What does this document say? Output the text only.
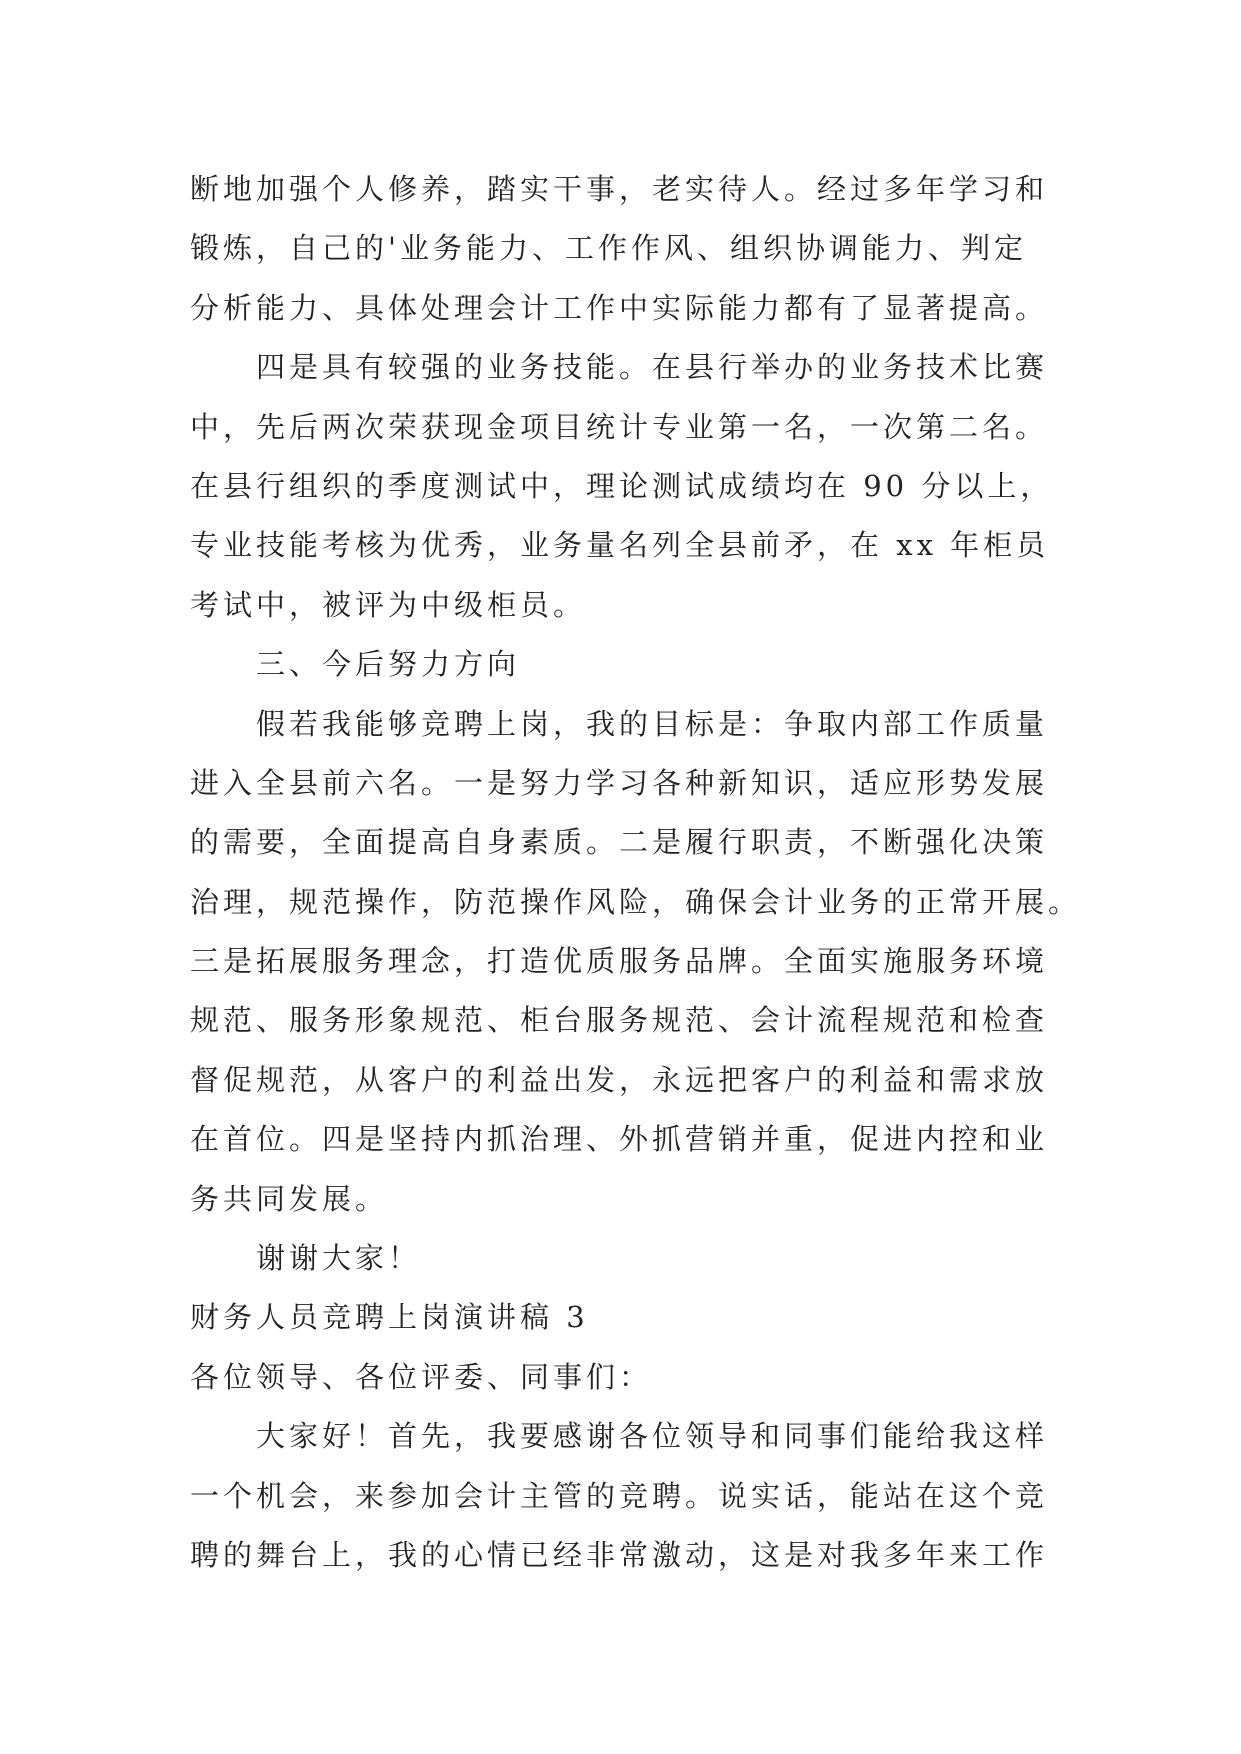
断地加强个人修养，踏实干事，老实待人。经过多年学习和
锻炼，自己的'业务能力、工作作风、组织协调能力、判定
分析能力、具体处理会计工作中实际能力都有了显著提高。
四是具有较强的业务技能。在县行举办的业务技术比赛
中，先后两次荣获现金项目统计专业第一名，一次第二名。
在县行组织的季度测试中，理论测试成绩均在 90 分以上，
专业技能考核为优秀，业务量名列全县前矛，在 xx 年柜员
考试中，被评为中级柜员。
三、今后努力方向
假若我能够竞聘上岗，我的目标是：争取内部工作质量
进入全县前六名。一是努力学习各种新知识，适应形势发展
的需要，全面提高自身素质。二是履行职责，不断强化决策
治理，规范操作，防范操作风险，确保会计业务的正常开展。
三是拓展服务理念，打造优质服务品牌。全面实施服务环境
规范、服务形象规范、柜台服务规范、会计流程规范和检查
督促规范，从客户的利益出发，永远把客户的利益和需求放
在首位。四是坚持内抓治理、外抓营销并重，促进内控和业
务共同发展。
谢谢大家！
财务人员竞聘上岗演讲稿 3
各位领导、各位评委、同事们：
大家好！首先，我要感谢各位领导和同事们能给我这样
一个机会，来参加会计主管的竞聘。说实话，能站在这个竞
聘的舞台上，我的心情已经非常激动，这是对我多年来工作
